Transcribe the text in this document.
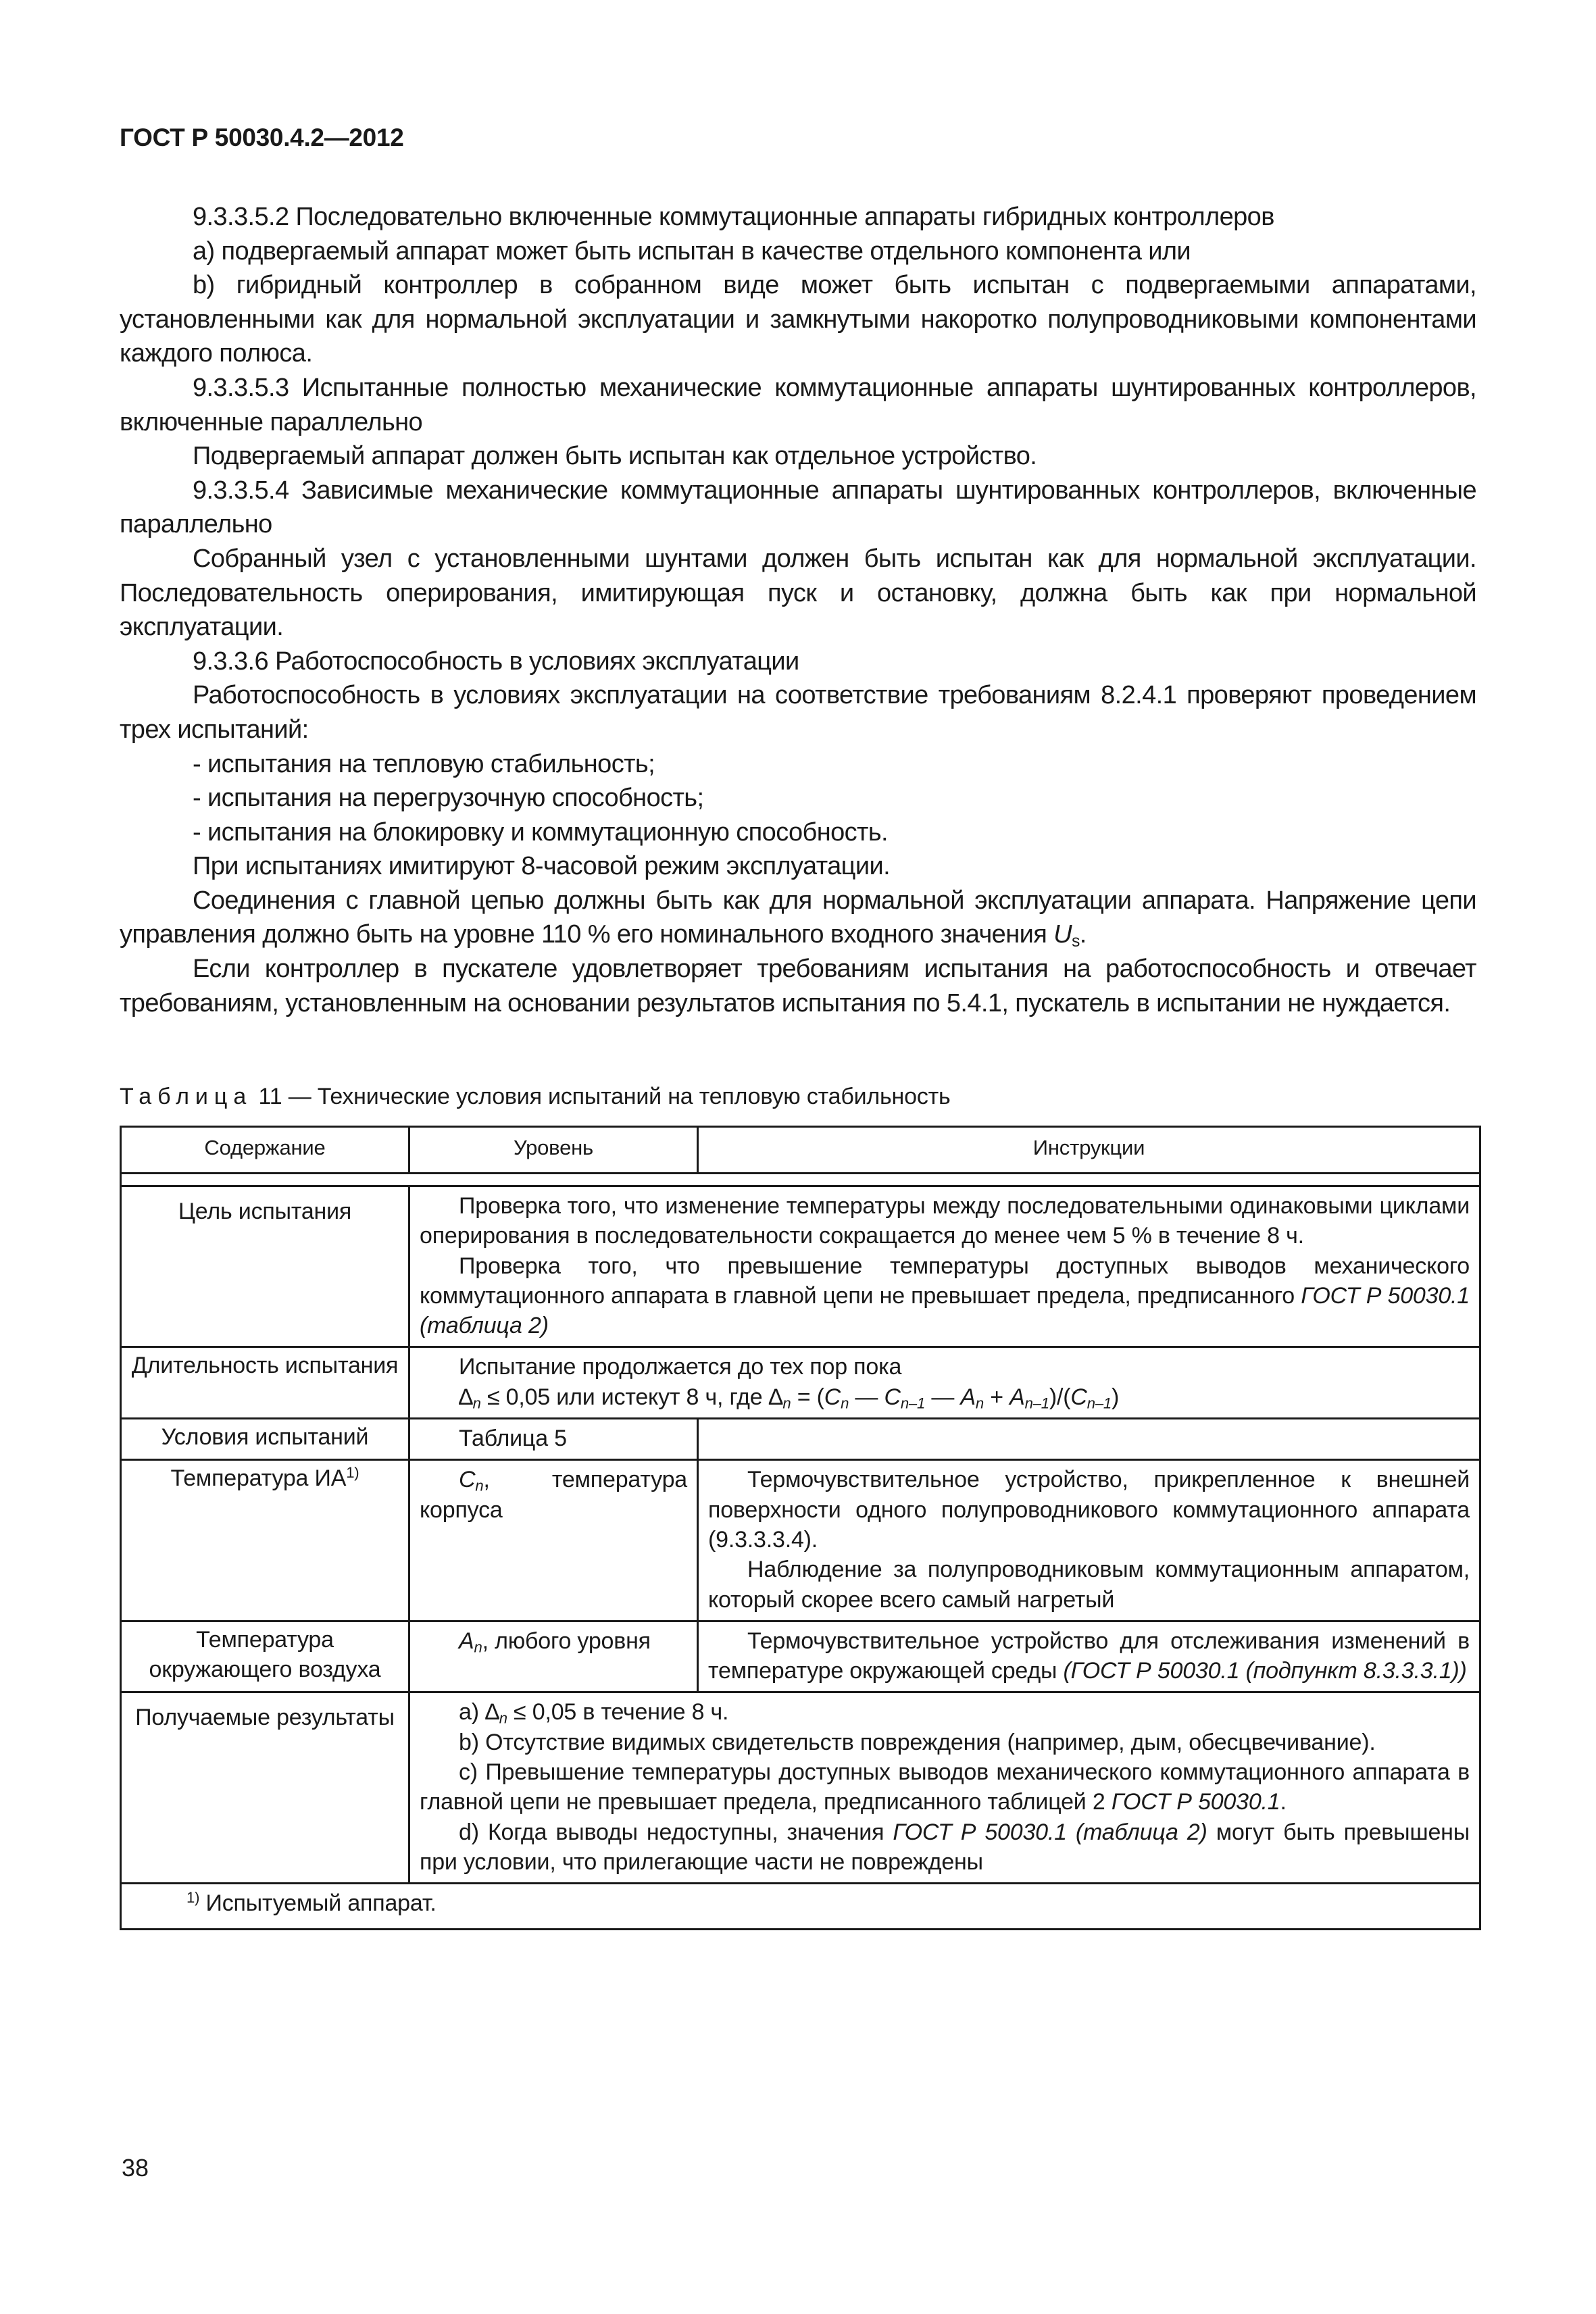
ГОСТ Р 50030.4.2—2012

9.3.3.5.2 Последовательно включенные коммутационные аппараты гибридных контроллеров

а) подвергаемый аппарат может быть испытан в качестве отдельного компонента или

b) гибридный контроллер в собранном виде может быть испытан с подвергаемыми аппаратами, установленными как для нормальной эксплуатации и замкнутыми накоротко полупроводниковыми компонентами каждого полюса.

9.3.3.5.3 Испытанные полностью механические коммутационные аппараты шунтированных контроллеров, включенные параллельно

Подвергаемый аппарат должен быть испытан как отдельное устройство.

9.3.3.5.4 Зависимые механические коммутационные аппараты шунтированных контроллеров, включенные параллельно

Собранный узел с установленными шунтами должен быть испытан как для нормальной эксплуатации. Последовательность оперирования, имитирующая пуск и остановку, должна быть как при нормальной эксплуатации.

9.3.3.6 Работоспособность в условиях эксплуатации

Работоспособность в условиях эксплуатации на соответствие требованиям 8.2.4.1 проверяют проведением трех испытаний:

- испытания на тепловую стабильность;

- испытания на перегрузочную способность;

- испытания на блокировку и коммутационную способность.

При испытаниях имитируют 8-часовой режим эксплуатации.

Соединения с главной цепью должны быть как для нормальной эксплуатации аппарата. Напряжение цепи управления должно быть на уровне 110 % его номинального входного значения $U_s$.

Если контроллер в пускателе удовлетворяет требованиям испытания на работоспособность и отвечает требованиям, установленным на основании результатов испытания по 5.4.1, пускатель в испытании не нуждается.

Таблица 11 — Технические условия испытаний на тепловую стабильность
Содержание	Уровень	Инструкции

Цель испытания	Проверка того, что изменение температуры между последовательными одинаковыми циклами оперирования в последовательности сокращается до менее чем 5 % в течение 8 ч.

Проверка того, что превышение температуры доступных выводов механического коммутационного аппарата в главной цепи не превышает предела, предписанного ГОСТ Р 50030.1 (таблица 2)	

Длительность испытания	Испытание продолжается до тех пор пока

$\Delta_n \le 0,05$ или истекут 8 ч, где $\Delta_n = (C_n$ — $C_{n-1}$ — $A_n + A_{n-1})/(C_{n-1})$	

Условия испытаний	Таблица 5	

Температура ИА$^{1)}$	$C_n$, температура корпуса	Термочувствительное устройство, прикрепленное к внешней поверхности одного полупроводникового коммутационного аппарата (9.3.3.3.4).

Наблюдение за полупроводниковым коммутационным аппаратом, который скорее всего самый нагретый

Температура окружающего воздуха	$A_n$, любого уровня	Термочувствительное устройство для отслеживания изменений в температуре окружающей среды (ГОСТ Р 50030.1 (подпункт 8.3.3.3.1))

Получаемые результаты	а) $\Delta_n \le 0,05$ в течение 8 ч.

b) Отсутствие видимых свидетельств повреждения (например, дым, обесцвечивание).

с) Превышение температуры доступных выводов механического коммутационного аппарата в главной цепи не превышает предела, предписанного таблицей 2 ГОСТ Р 50030.1.

d) Когда выводы недоступны, значения ГОСТ Р 50030.1 (таблица 2) могут быть превышены при условии, что прилегающие части не повреждены	

$^{1)}$ Испытуемый аппарат.		
38
